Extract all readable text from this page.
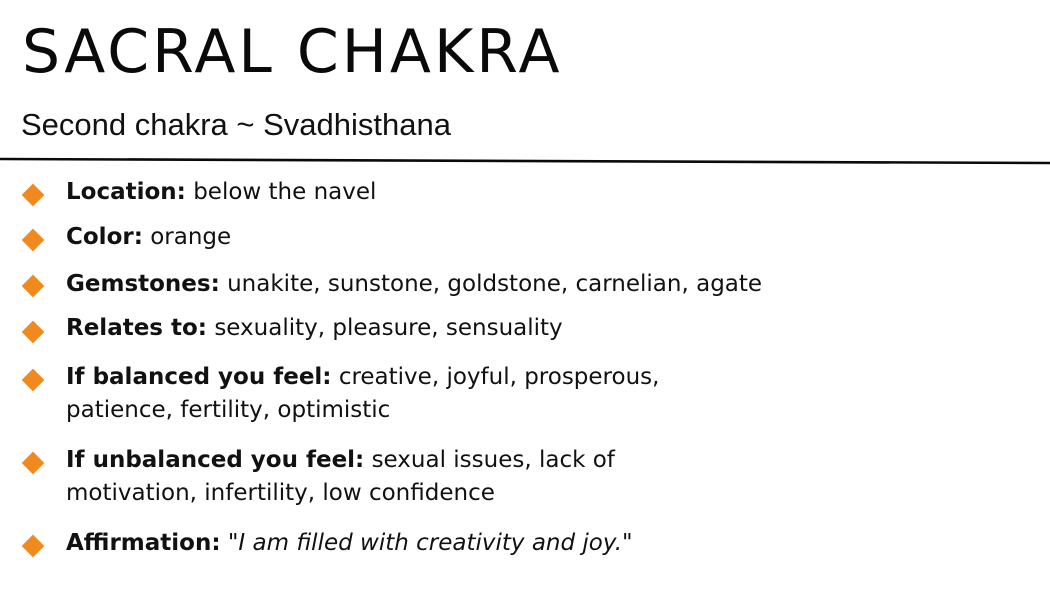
SACRAL CHAKRA

Second chakra ~ Svadhisthana

Location: below the navel
Color: orange
Gemstones: unakite, sunstone, goldstone, carnelian, agate
Relates to: sexuality, pleasure, sensuality
If balanced you feel: creative, joyful, prosperous,
patience, fertility, optimistic
If unbalanced you feel: sexual issues, lack of
motivation, infertility, low confidence
Affirmation: "I am filled with creativity and joy."
